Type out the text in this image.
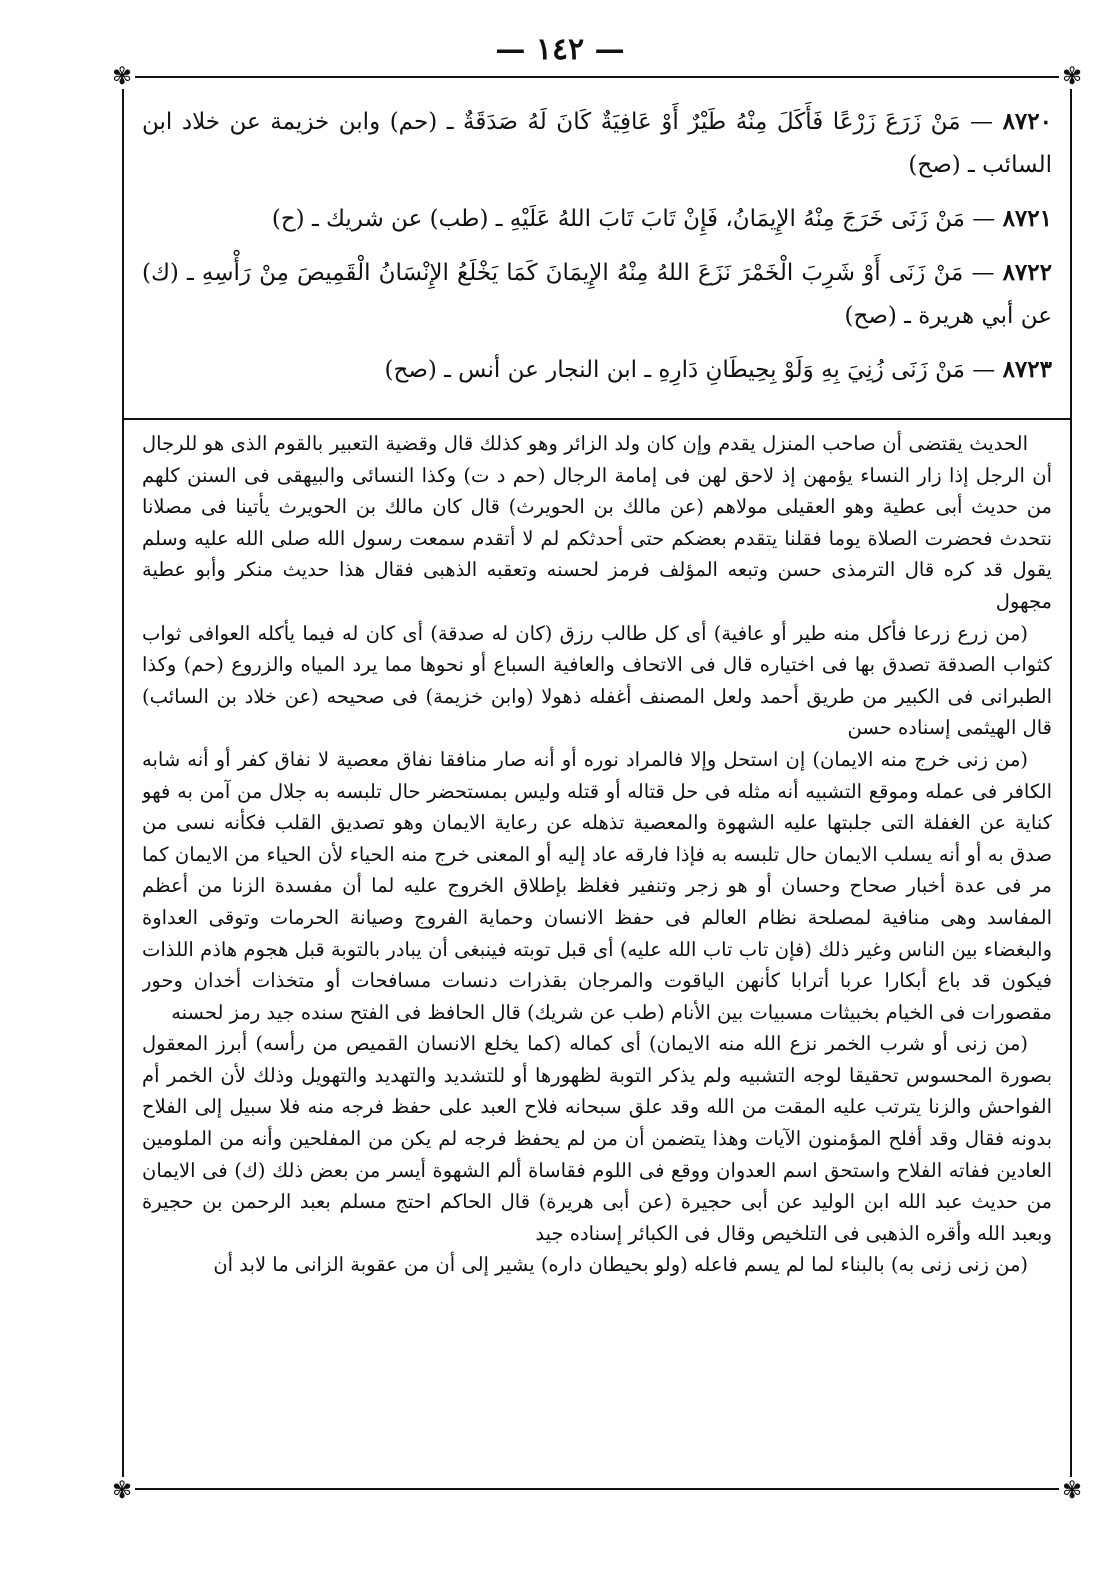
— ١٤٢ —
✾	✾
✾	✾

٨٧٢٠ — مَنْ زَرَعَ زَرْعًا فَأَكَلَ مِنْهُ طَيْرٌ أَوْ عَافِيَةٌ كَانَ لَهُ صَدَقَةٌ ـ (حم) وابن خزيمة عن خلاد ابن السائب ـ (صح)

٨٧٢١ — مَنْ زَنَى خَرَجَ مِنْهُ الإِيمَانُ، فَإِنْ تَابَ تَابَ اللهُ عَلَيْهِ ـ (طب) عن شريك ـ (ح)

٨٧٢٢ — مَنْ زَنَى أَوْ شَرِبَ الْخَمْرَ نَزَعَ اللهُ مِنْهُ الإِيمَانَ كَمَا يَخْلَعُ الإِنْسَانُ الْقَمِيصَ مِنْ رَأْسِهِ ـ (ك) عن أبي هريرة ـ (صح)

٨٧٢٣ — مَنْ زَنَى زُنِيَ بِهِ وَلَوْ بِحِيطَانِ دَارِهِ ـ ابن النجار عن أنس ـ (صح)

الحديث يقتضى أن صاحب المنزل يقدم وإن كان ولد الزائر وهو كذلك قال وقضية التعبير بالقوم الذى هو للرجال أن الرجل إذا زار النساء يؤمهن إذ لاحق لهن فى إمامة الرجال (حم د ت) وكذا النسائى والبيهقى فى السنن كلهم من حديث أبى عطية وهو العقيلى مولاهم (عن مالك بن الحويرث) قال كان مالك بن الحويرث يأتينا فى مصلانا نتحدث فحضرت الصلاة يوما فقلنا يتقدم بعضكم حتى أحدثكم لم لا أتقدم سمعت رسول الله صلى الله عليه وسلم يقول قد كره قال الترمذى حسن وتبعه المؤلف فرمز لحسنه وتعقبه الذهبى فقال هذا حديث منكر وأبو عطية مجهول

(من زرع زرعا فأكل منه طير أو عافية) أى كل طالب رزق (كان له صدقة) أى كان له فيما يأكله العوافى ثواب كثواب الصدقة تصدق بها فى اختياره قال فى الاتحاف والعافية السباع أو نحوها مما يرد المياه والزروع (حم) وكذا الطبرانى فى الكبير من طريق أحمد ولعل المصنف أغفله ذهولا (وابن خزيمة) فى صحيحه (عن خلاد بن السائب) قال الهيثمى إسناده حسن

(من زنى خرج منه الايمان) إن استحل وإلا فالمراد نوره أو أنه صار منافقا نفاق معصية لا نفاق كفر أو أنه شابه الكافر فى عمله وموقع التشبيه أنه مثله فى حل قتاله أو قتله وليس بمستحضر حال تلبسه به جلال من آمن به فهو كناية عن الغفلة التى جلبتها عليه الشهوة والمعصية تذهله عن رعاية الايمان وهو تصديق القلب فكأنه نسى من صدق به أو أنه يسلب الايمان حال تلبسه به فإذا فارقه عاد إليه أو المعنى خرج منه الحياء لأن الحياء من الايمان كما مر فى عدة أخبار صحاح وحسان أو هو زجر وتنفير فغلظ بإطلاق الخروج عليه لما أن مفسدة الزنا من أعظم المفاسد وهى منافية لمصلحة نظام العالم فى حفظ الانسان وحماية الفروج وصيانة الحرمات وتوقى العداوة والبغضاء بين الناس وغير ذلك (فإن تاب تاب الله عليه) أى قبل توبته فينبغى أن يبادر بالتوبة قبل هجوم هاذم اللذات فيكون قد باع أبكارا عربا أترابا كأنهن الياقوت والمرجان بقذرات دنسات مسافحات أو متخذات أخدان وحور مقصورات فى الخيام بخبيثات مسبيات بين الأنام (طب عن شريك) قال الحافظ فى الفتح سنده جيد رمز لحسنه

(من زنى أو شرب الخمر نزع الله منه الايمان) أى كماله (كما يخلع الانسان القميص من رأسه) أبرز المعقول بصورة المحسوس تحقيقا لوجه التشبيه ولم يذكر التوبة لظهورها أو للتشديد والتهديد والتهويل وذلك لأن الخمر أم الفواحش والزنا يترتب عليه المقت من الله وقد علق سبحانه فلاح العبد على حفظ فرجه منه فلا سبيل إلى الفلاح بدونه فقال وقد أفلح المؤمنون الآيات وهذا يتضمن أن من لم يحفظ فرجه لم يكن من المفلحين وأنه من الملومين العادين ففاته الفلاح واستحق اسم العدوان ووقع فى اللوم فقاساة ألم الشهوة أيسر من بعض ذلك (ك) فى الايمان من حديث عبد الله ابن الوليد عن أبى حجيرة (عن أبى هريرة) قال الحاكم احتج مسلم بعبد الرحمن بن حجيرة وبعبد الله وأقره الذهبى فى التلخيص وقال فى الكبائر إسناده جيد

(من زنى زنى به) بالبناء لما لم يسم فاعله (ولو بحيطان داره) يشير إلى أن من عقوبة الزانى ما لابد أن
